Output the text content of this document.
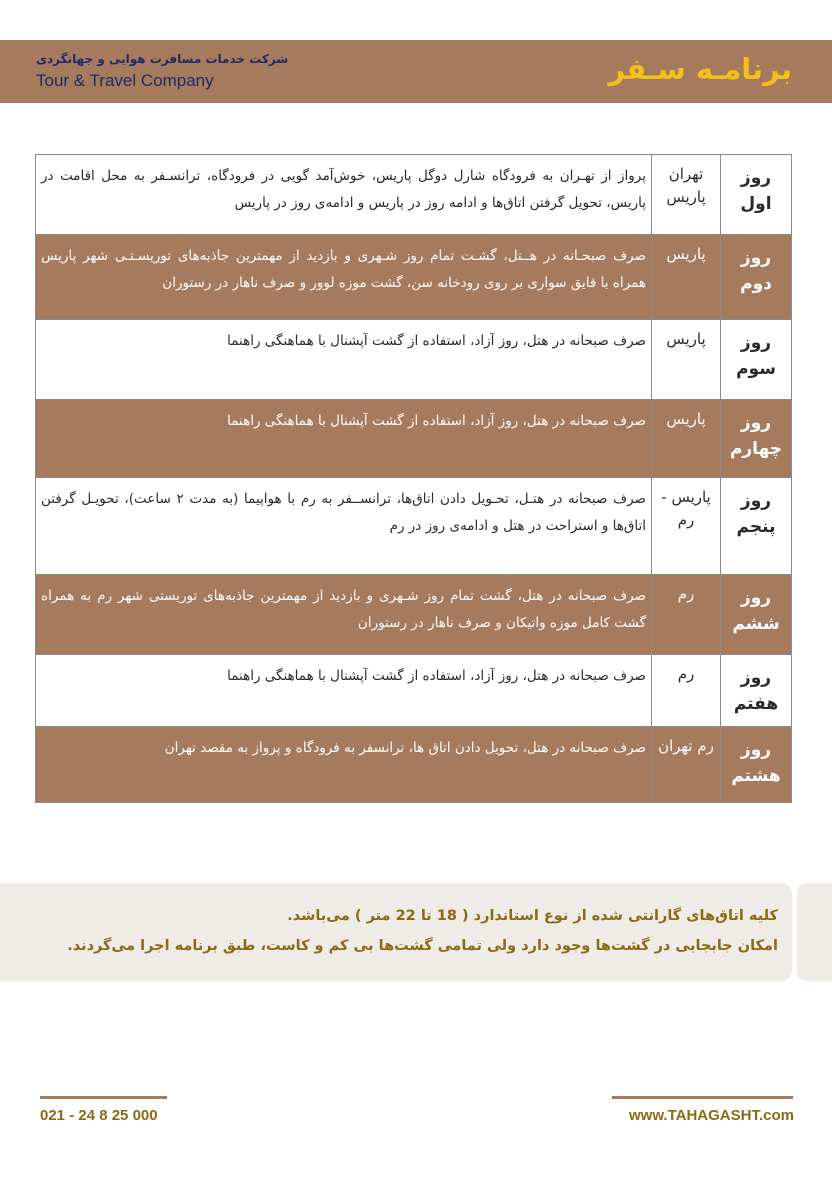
شرکت خدمات مسافرت هوایی و جهانگردی
Tour & Travel Company	برنامـه سـفر
روز
اول	تهران پاریس	پرواز از تهـران به فرودگاه شارل دوگل پاریس، خوش‌آمد گویی در فرودگاه، ترانسـفر به محل اقامت در پاریس، تحویل گرفتن اتاق‌ها و ادامه روز در پاریس و ادامه‌ی روز در پاریس

روز
دوم	پاریس	صرف صبحـانه در هــتل، گشـت تمام روز شـهری و بازدید از مهمترین جاذبه‌های توریسـتـی شهر پاریس همراه با قایق سواری بر روی رودخانه سن، گشت موزه لوور و صرف ناهار در رستوران

روز
سوم	پاریس	صرف صبحانه در هتل، روز آزاد، استفاده از گشت آپشنال با هماهنگی راهنما

روز
چهارم	پاریس	صرف صبحانه در هتل، روز آزاد، استفاده از گشت آپشنال با هماهنگی راهنما

روز
پنجم	پاریس - رم	صرف صبحانه در هتـل، تحـویل دادن اتاق‌ها، ترانســفر به رم با هواپیما (به مدت ۲ ساعت)، تحویـل گرفتن اتاق‌ها و استراحت در هتل و ادامه‌ی روز در رم

روز
ششم	رم	صرف صبحانه در هتل، گشت تمام روز شـهری و بازدید از مهمترین جاذبه‌های توریستی شهر رم به همراه گشت کامل موزه واتیکان و صرف ناهار در رستوران

روز
هفتم	رم	صرف صبحانه در هتل، روز آزاد، استفاده از گشت آپشنال با هماهنگی راهنما

روز
هشتم	رم تهران	صرف صبحانه در هتل، تحویل دادن اتاق ها، ترانسفر به فرودگاه و پرواز به مقصد تهران
کلیه اتاق‌های گارانتی شده از نوع استاندارد ( 18 تا 22 متر ) می‌باشد.
امکان جابجایی در گشت‌ها وجود دارد ولی تمامی گشت‌ها بی کم و کاست، طبق برنامه اجرا می‌گردند.
021 - 24 8 25 000	www.TAHAGASHT.com
